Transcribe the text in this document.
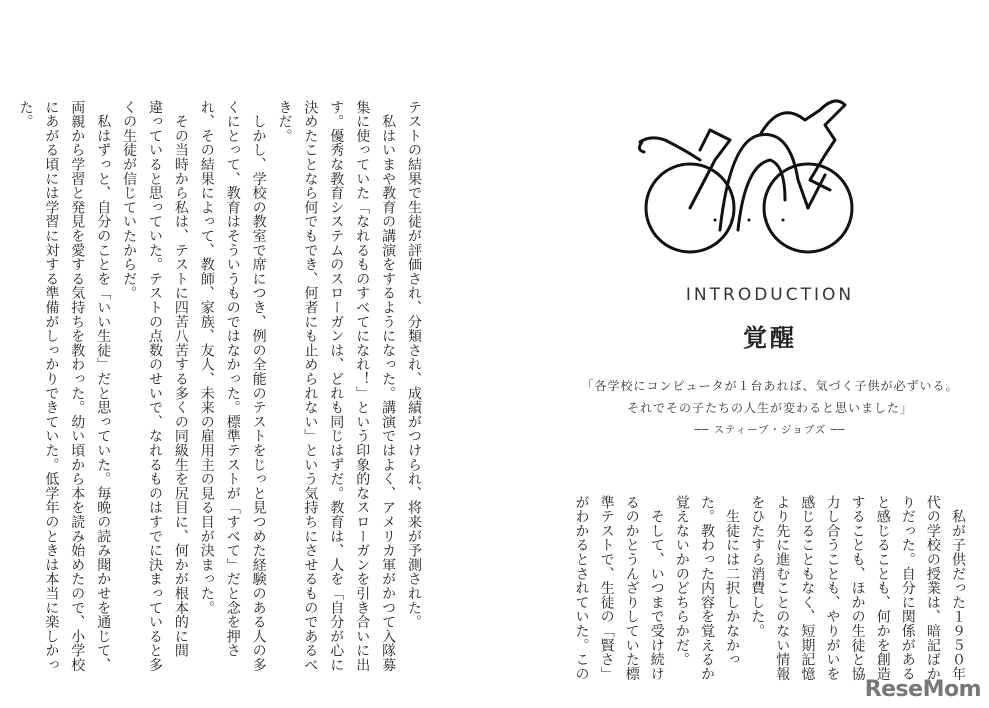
テストの結果で生徒が評価され、分類され、成績がつけられ、将来が予測された。
　私はいまや教育の講演をするようになった。講演ではよく、アメリカ軍がかつて入隊募
集に使っていた「なれるものすべてになれ！」という印象的なスローガンを引き合いに出
す。優秀な教育システムのスローガンは、どれも同じはずだ。教育は、人を「自分が心に
決めたことなら何でもでき、何者にも止められない」という気持ちにさせるものであるべ
きだ。
　しかし、学校の教室で席につき、例の全能のテストをじっと見つめた経験のある人の多
くにとって、教育はそういうものではなかった。標準テストが「すべて」だと念を押さ
れ、その結果によって、教師、家族、友人、未来の雇用主の見る目が決まった。
　その当時から私は、テストに四苦八苦する多くの同級生を尻目に、何かが根本的に間
違っていると思っていた。テストの点数のせいで、なれるものはすでに決まっていると多
くの生徒が信じていたからだ。
　私はずっと、自分のことを「いい生徒」だと思っていた。毎晩の読み聞かせを通じて、
両親から学習と発見を愛する気持ちを教わった。幼い頃から本を読み始めたので、小学校
にあがる頃には学習に対する準備がしっかりできていた。低学年のときは本当に楽しかっ
た。
INTRODUCTION
覚醒
「各学校にコンピュータが１台あれば、気づく子供が必ずいる。
それでその子たちの人生が変わると思いました」
── スティーブ・ジョブズ ──
　私が子供だった１９５０年
代の学校の授業は、暗記ばか
りだった。自分に関係がある
と感じることも、何かを創造
することも、ほかの生徒と協
力し合うことも、やりがいを
感じることもなく、短期記憶
より先に進むことのない情報
をひたすら消費した。
　生徒には二択しかなかっ
た。教わった内容を覚えるか
覚えないかのどちらかだ。
　そして、いつまで受け続け
るのかとうんざりしていた標
準テストで、生徒の「賢さ」
がわかるとされていた。この
ReseMom
